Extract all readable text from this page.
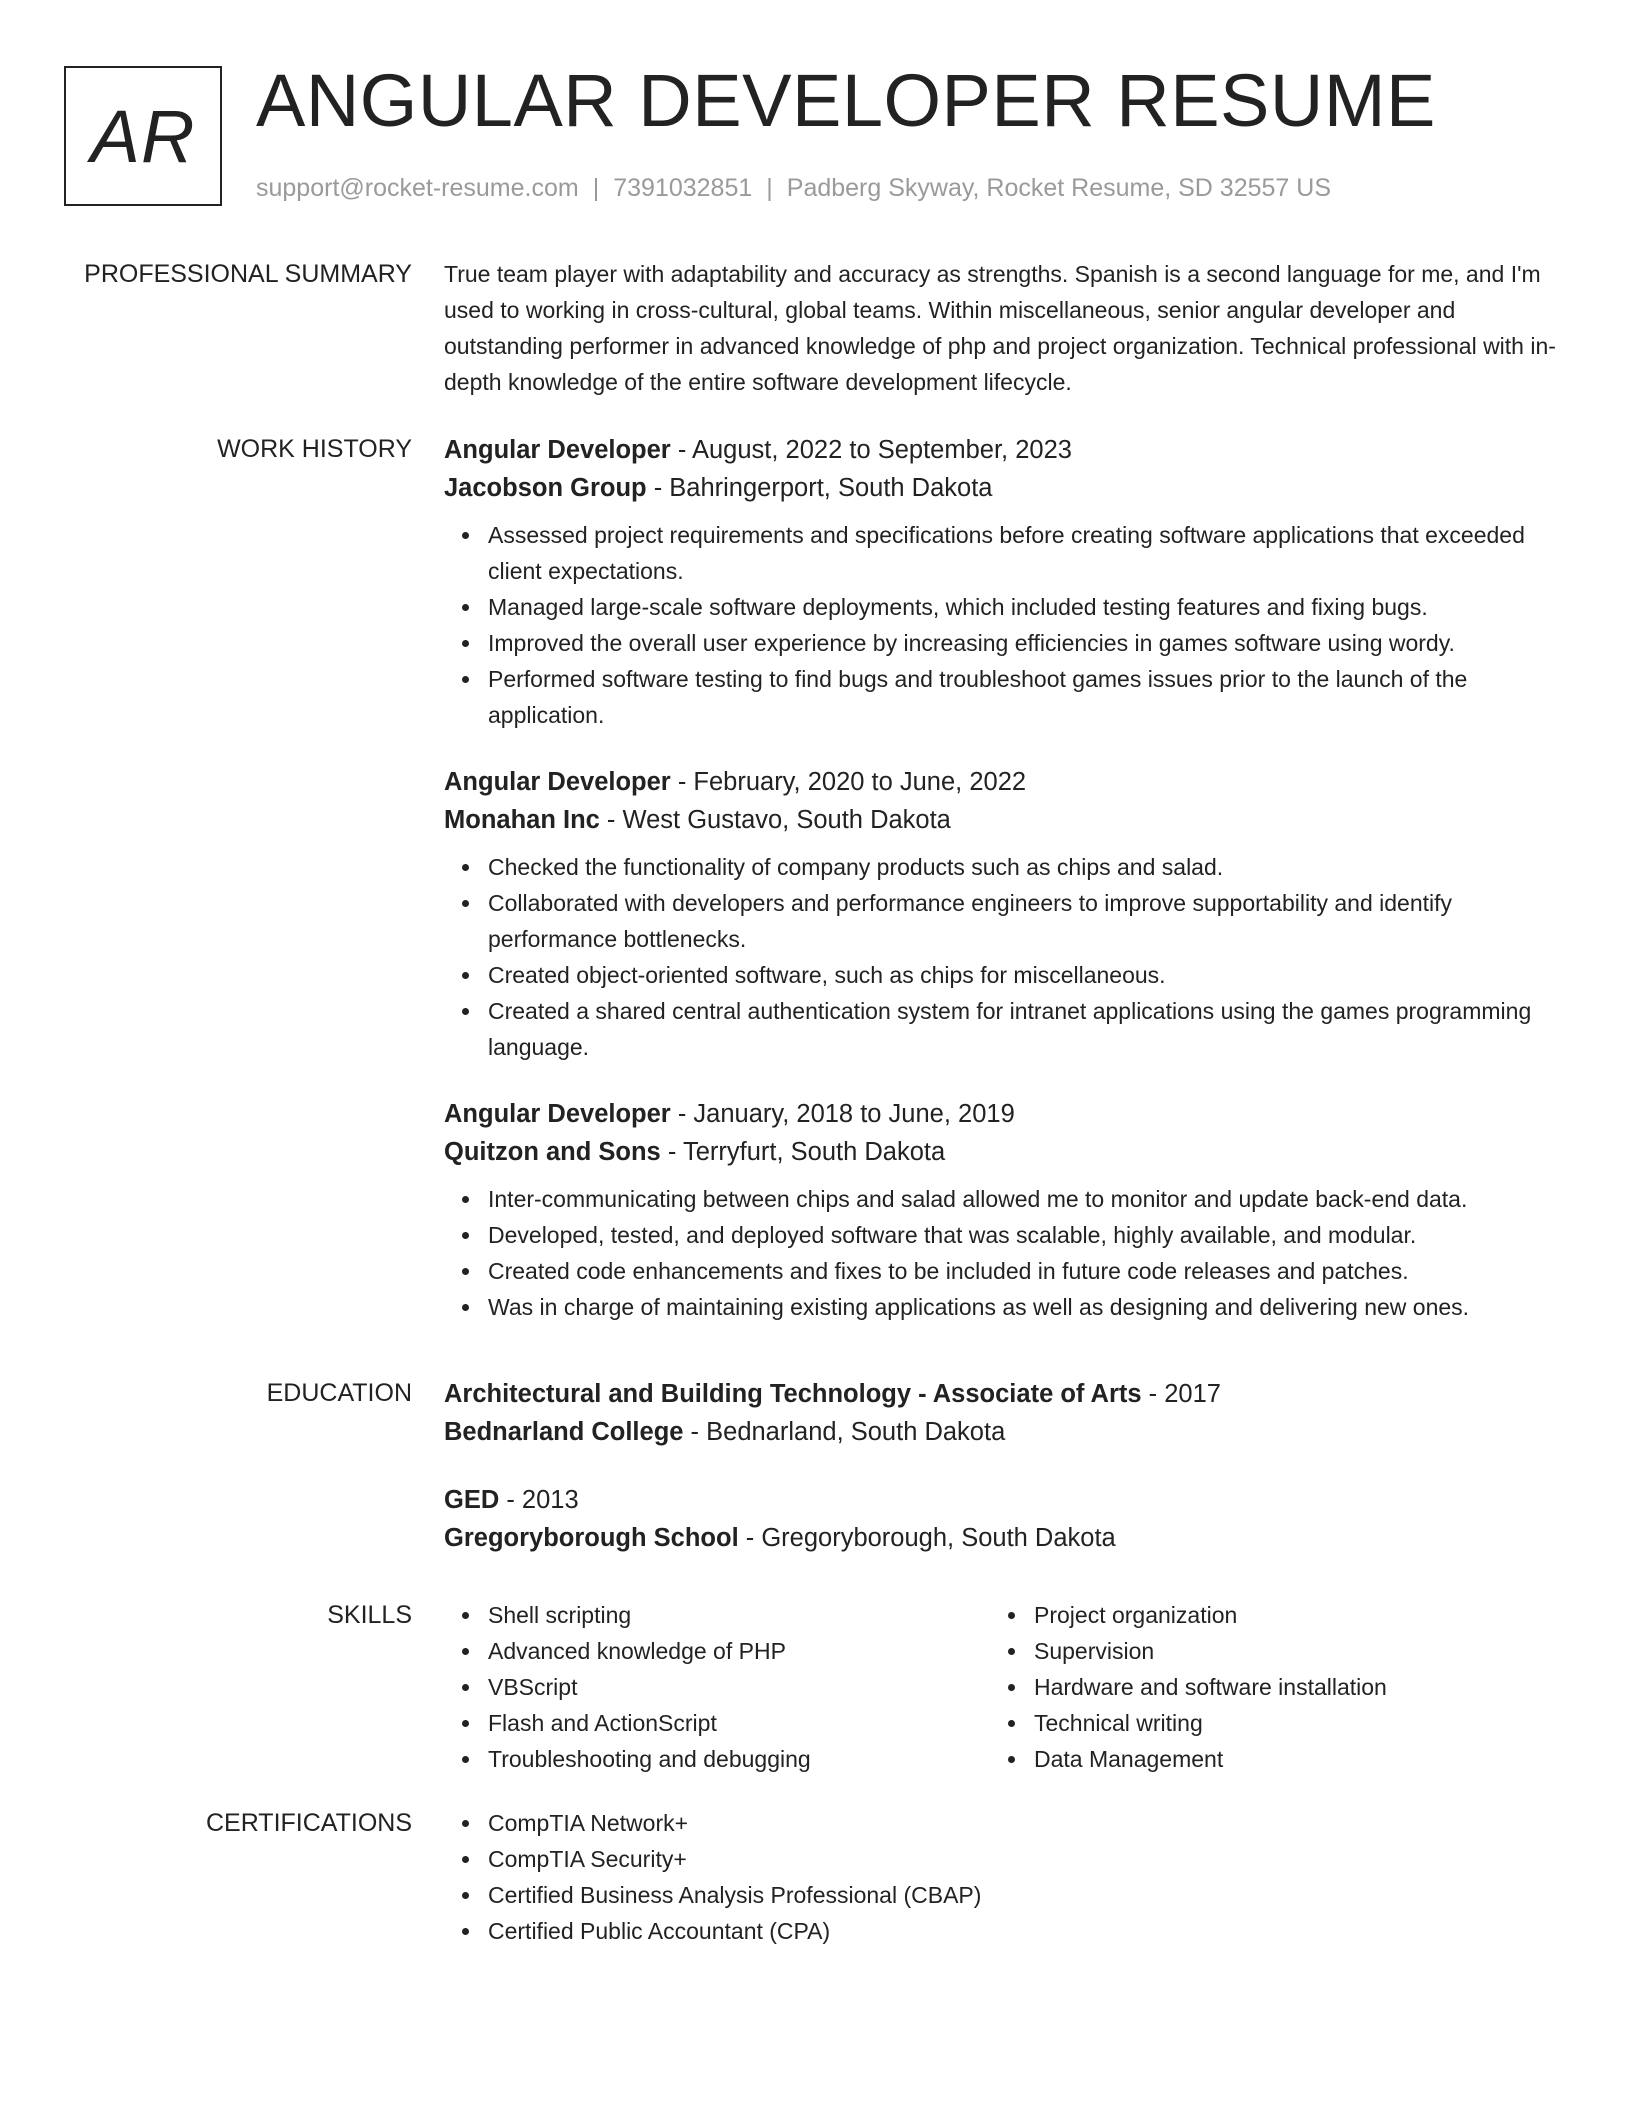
AR ANGULAR DEVELOPER RESUME
support@rocket-resume.com | 7391032851 | Padberg Skyway, Rocket Resume, SD 32557 US
PROFESSIONAL SUMMARY True team player with adaptability and accuracy as strengths. Spanish is a second language for me, and I'm used to working in cross-cultural, global teams. Within miscellaneous, senior angular developer and outstanding performer in advanced knowledge of php and project organization. Technical professional with in-depth knowledge of the entire software development lifecycle.

WORK HISTORY Angular Developer - August, 2022 to September, 2023
Jacobson Group - Bahringerport, South Dakota
Assessed project requirements and specifications before creating software applications that exceeded client expectations.
Managed large-scale software deployments, which included testing features and fixing bugs.
Improved the overall user experience by increasing efficiencies in games software using wordy.
Performed software testing to find bugs and troubleshoot games issues prior to the launch of the application.
Angular Developer - February, 2020 to June, 2022
Monahan Inc - West Gustavo, South Dakota
Checked the functionality of company products such as chips and salad.
Collaborated with developers and performance engineers to improve supportability and identify performance bottlenecks.
Created object-oriented software, such as chips for miscellaneous.
Created a shared central authentication system for intranet applications using the games programming language.
Angular Developer - January, 2018 to June, 2019
Quitzon and Sons - Terryfurt, South Dakota
Inter-communicating between chips and salad allowed me to monitor and update back-end data.
Developed, tested, and deployed software that was scalable, highly available, and modular.
Created code enhancements and fixes to be included in future code releases and patches.
Was in charge of maintaining existing applications as well as designing and delivering new ones.
EDUCATION Architectural and Building Technology - Associate of Arts - 2017
Bednarland College - Bednarland, South Dakota
GED - 2013
Gregoryborough School - Gregoryborough, South Dakota
SKILLS	Shell scripting
Advanced knowledge of PHP
VBScript
Flash and ActionScript
Troubleshooting and debugging
Project organization
Supervision
Hardware and software installation
Technical writing
Data Management
CERTIFICATIONS	CompTIA Network+
CompTIA Security+
Certified Business Analysis Professional (CBAP)
Certified Public Accountant (CPA)
